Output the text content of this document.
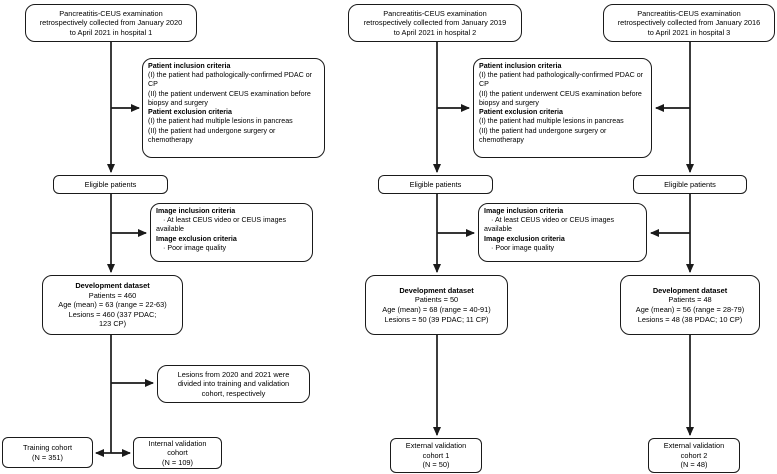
Pancreatitis-CEUS examination
retrospectively collected from January 2020
to April 2021 in hospital 1
Pancreatitis-CEUS examination
retrospectively collected from January 2019
to April 2021 in hospital 2
Pancreatitis-CEUS examination
retrospectively collected from January 2016
to April 2021 in hospital 3
Patient inclusion criteria
(I) the patient had pathologically-confirmed PDAC or CP
(II) the patient underwent CEUS examination before biopsy and surgery
Patient exclusion criteria
(I) the patient had multiple lesions in pancreas
(II) the patient had undergone surgery or chemotherapy
Patient inclusion criteria
(I) the patient had pathologically-confirmed PDAC or CP
(II) the patient underwent CEUS examination before biopsy and surgery
Patient exclusion criteria
(I) the patient had multiple lesions in pancreas
(II) the patient had undergone surgery or chemotherapy
Eligible patients	Eligible patients	Eligible patients
Image inclusion criteria
· At least CEUS video or CEUS images available
Image exclusion criteria
· Poor image quality
Image inclusion criteria
· At least CEUS video or CEUS images available
Image exclusion criteria
· Poor image quality
Development dataset
Patients = 460
Age (mean) = 63 (range = 22-63)
Lesions = 460 (337 PDAC;
123 CP)
Development dataset
Patients = 50
Age (mean) = 68 (range = 40-91)
Lesions = 50 (39 PDAC; 11 CP)
Development dataset
Patients = 48
Age (mean) = 56 (range = 28-79)
Lesions = 48 (38 PDAC; 10 CP)
Lesions from 2020 and 2021 were
divided into training and validation
cohort, respectively
Training cohort
(N = 351)
Internal validation
cohort
(N = 109)
External validation
cohort 1
(N = 50)
External validation
cohort 2
(N = 48)
